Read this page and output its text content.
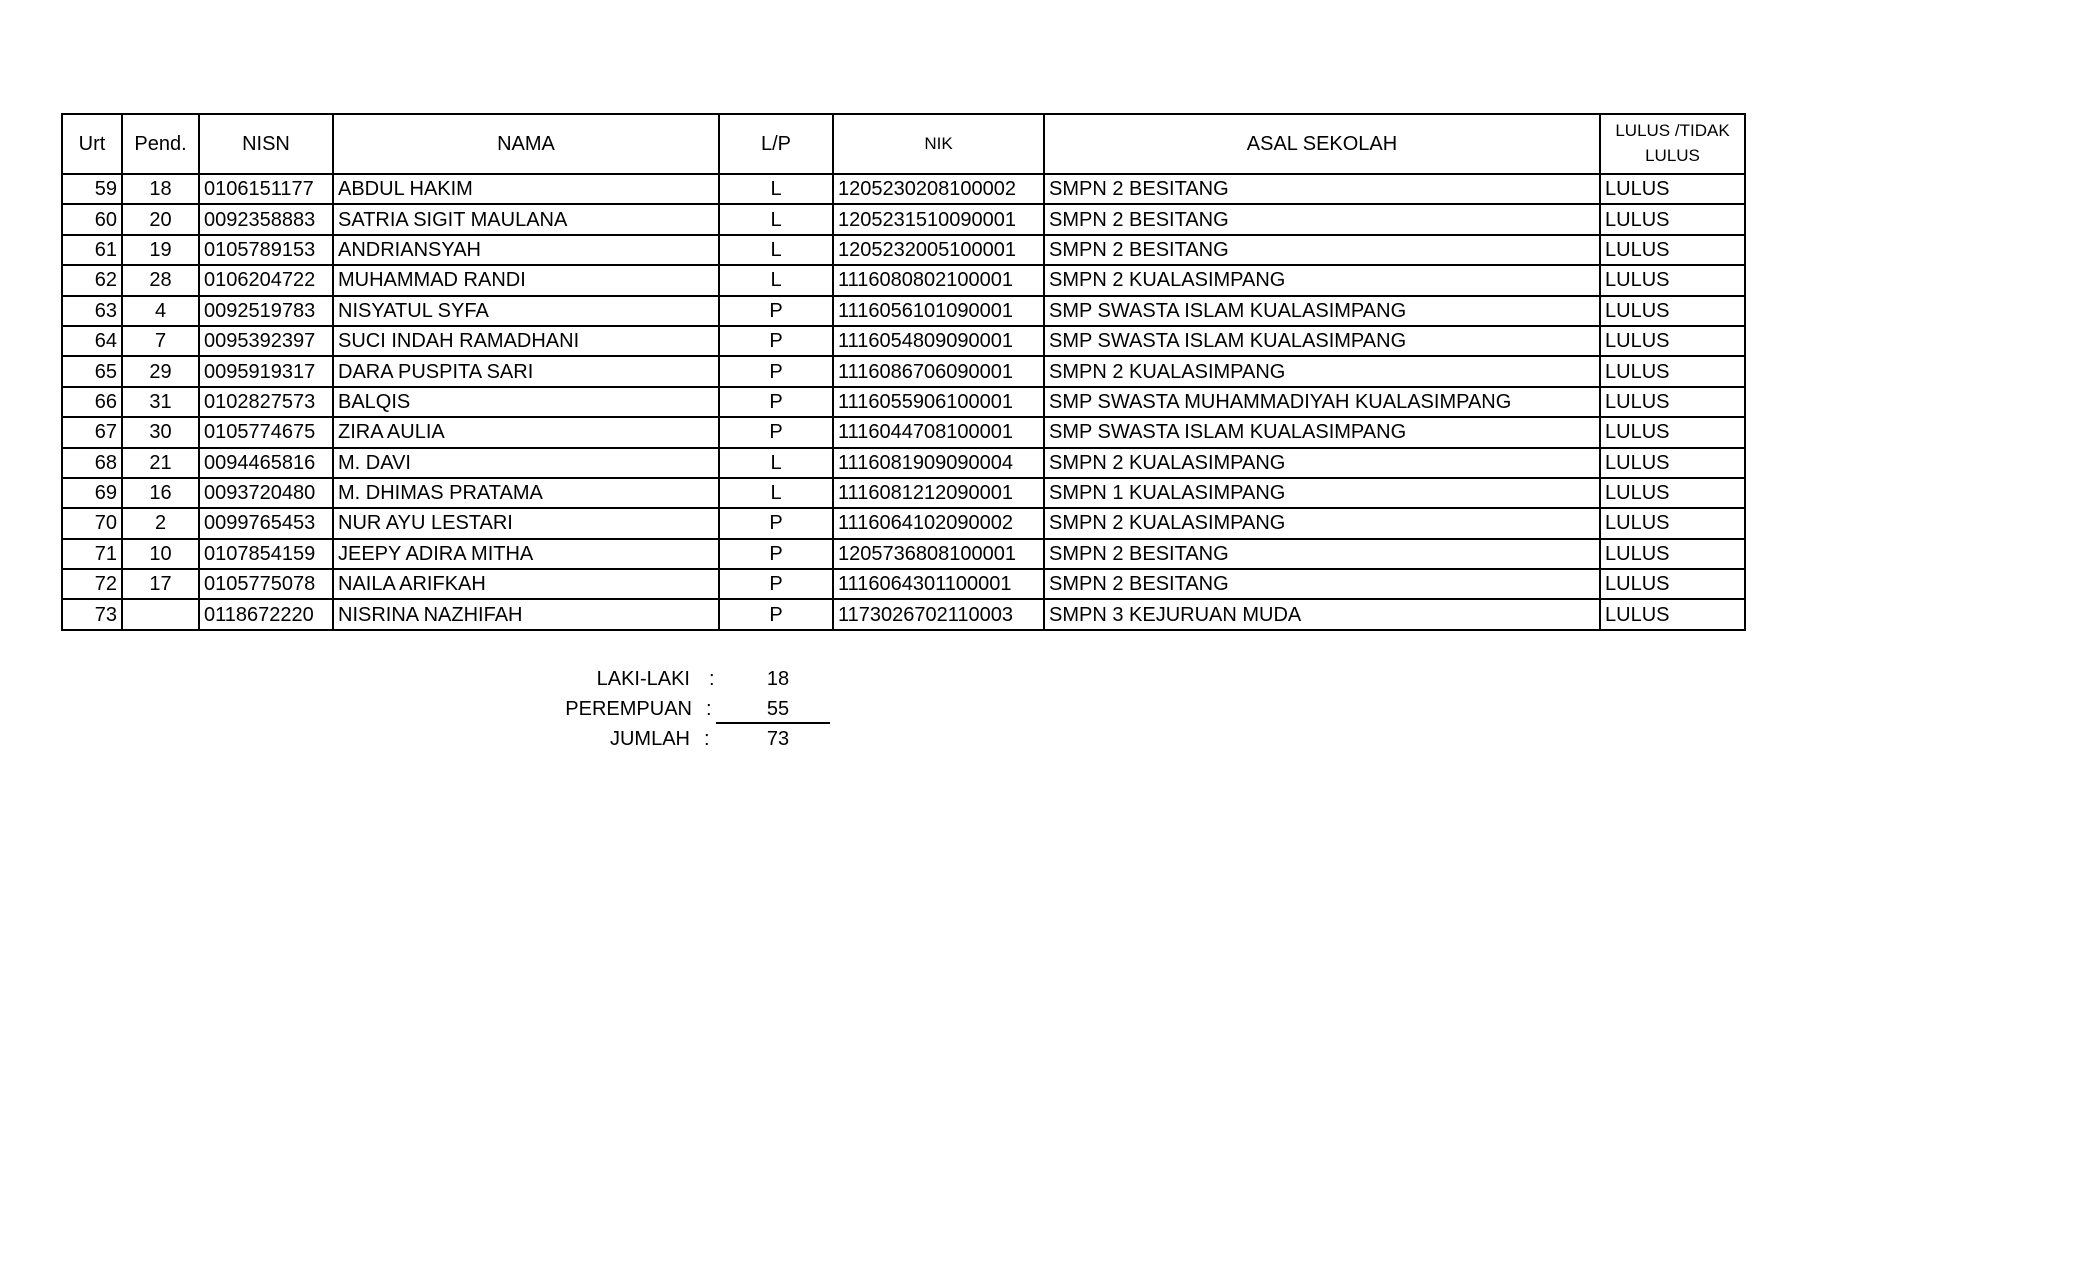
Urt	Pend.	NISN	NAMA	L/P	NIK	ASAL SEKOLAH	LULUS /TIDAK LULUS
59	18	0106151177	ABDUL HAKIM	L	1205230208100002	SMPN 2 BESITANG	LULUS
60	20	0092358883	SATRIA SIGIT MAULANA	L	1205231510090001	SMPN 2 BESITANG	LULUS
61	19	0105789153	ANDRIANSYAH	L	1205232005100001	SMPN 2 BESITANG	LULUS
62	28	0106204722	MUHAMMAD RANDI	L	1116080802100001	SMPN 2 KUALASIMPANG	LULUS
63	4	0092519783	NISYATUL SYFA	P	1116056101090001	SMP SWASTA ISLAM KUALASIMPANG	LULUS
64	7	0095392397	SUCI INDAH RAMADHANI	P	1116054809090001	SMP SWASTA ISLAM KUALASIMPANG	LULUS
65	29	0095919317	DARA PUSPITA SARI	P	1116086706090001	SMPN 2 KUALASIMPANG	LULUS
66	31	0102827573	BALQIS	P	1116055906100001	SMP SWASTA MUHAMMADIYAH KUALASIMPANG	LULUS
67	30	0105774675	ZIRA AULIA	P	1116044708100001	SMP SWASTA ISLAM KUALASIMPANG	LULUS
68	21	0094465816	M. DAVI	L	1116081909090004	SMPN 2 KUALASIMPANG	LULUS
69	16	0093720480	M. DHIMAS PRATAMA	L	1116081212090001	SMPN 1 KUALASIMPANG	LULUS
70	2	0099765453	NUR AYU LESTARI	P	1116064102090002	SMPN 2 KUALASIMPANG	LULUS
71	10	0107854159	JEEPY ADIRA MITHA	P	1205736808100001	SMPN 2 BESITANG	LULUS
72	17	0105775078	NAILA ARIFKAH	P	1116064301100001	SMPN 2 BESITANG	LULUS
73		0118672220	NISRINA NAZHIFAH	P	1173026702110003	SMPN 3 KEJURUAN MUDA	LULUS
LAKI-LAKI :	18
PEREMPUAN :	55
JUMLAH :	73
